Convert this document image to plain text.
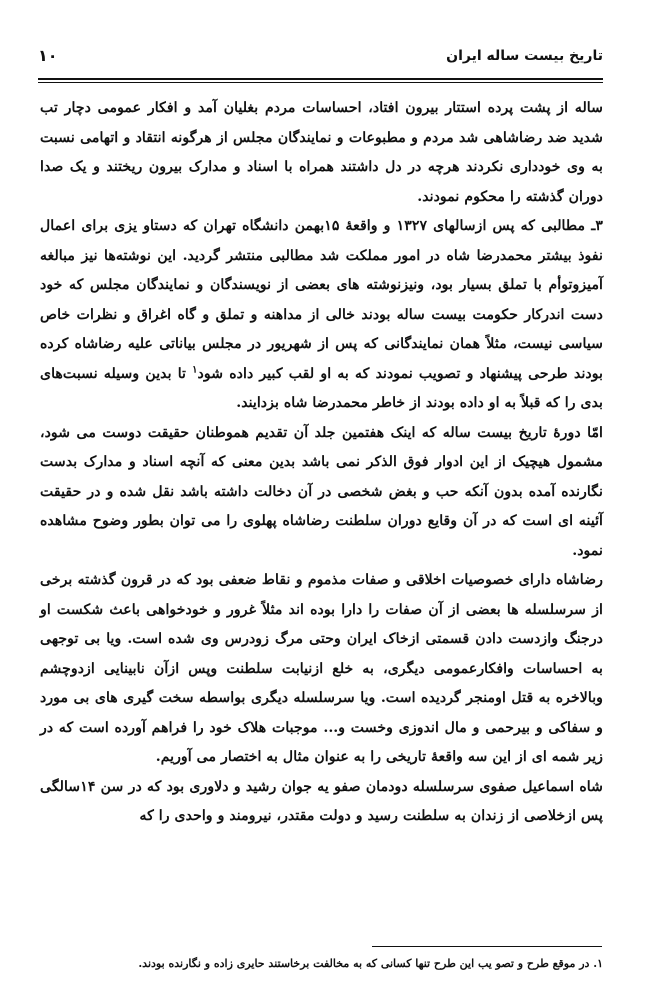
تاریخ بیست ساله ایران
۱۰

ساله از پشت پرده استتار بیرون افتاد، احساسات مردم بغلیان آمد و افکار عمومی دچار تب شدید ضد رضاشاهی شد مردم و مطبوعات و نمایندگان مجلس از هرگونه انتقاد و اتهامی نسبت به وی خودداری نکردند هرچه در دل داشتند همراه با اسناد و مدارک بیرون ریختند و یک صدا دوران گذشته را محکوم نمودند.

۳ـ مطالبی که پس ازسالهای ۱۳۲۷ و واقعهٔ ۱۵بهمن دانشگاه تهران که دستاو یزی برای اعمال نفوذ بیشتر محمدرضا شاه در امور مملکت شد مطالبی منتشر گردید. این نوشته‌ها نیز مبالغه آمیزوتوأم با تملق بسیار بود، ونیزنوشته های بعضی از نویسندگان و نمایندگان مجلس که خود دست اندرکار حکومت بیست ساله بودند خالی از مداهنه و تملق و گاه اغراق و نظرات خاص سیاسی نیست، مثلاً همان نمایندگانی که پس از شهریور در مجلس بیاناتی علیه رضاشاه کرده بودند طرحی پیشنهاد و تصویب نمودند که به او لقب کبیر داده شود$^۱$ تا بدین وسیله نسبت‌های بدی را که قبلاً به او داده بودند از خاطر محمدرضا شاه بزدایند.

امّا دورهٔ تاریخ بیست ساله که اینک هفتمین جلد آن تقدیم هموطنان حقیقت دوست می شود، مشمول هیچیک از این ادوار فوق الذکر نمی باشد بدین معنی که آنچه اسناد و مدارک بدست نگارنده آمده بدون آنکه حب و بغض شخصی در آن دخالت داشته باشد نقل شده و در حقیقت آئینه ای است که در آن وقایع دوران سلطنت رضاشاه پهلوی را می توان بطور وضوح مشاهده نمود.

رضاشاه دارای خصوصیات اخلاقی و صفات مذموم و نقاط ضعفی بود که در قرون گذشته برخی از سرسلسله ها بعضی از آن صفات را دارا بوده اند مثلاً غرور و خودخواهی باعث شکست او درجنگ وازدست دادن قسمتی ازخاک ایران وحتی مرگ زودرس وی شده است. ویا بی توجهی به احساسات وافکارعمومی دیگری، به خلع ازنیابت سلطنت وپس ازآن نابینایی ازدوچشم وبالاخره به قتل اومنجر گردیده است. ویا سرسلسله دیگری بواسطه سخت گیری های بی مورد و سفاکی و بیرحمی و مال اندوزی وخست و... موجبات هلاک خود را فراهم آورده است که در زیر شمه ای از این سه واقعهٔ تاریخی را به عنوان مثال به اختصار می آوریم.

شاه اسماعیل صفوی سرسلسله دودمان صفو یه جوان رشید و دلاوری بود که در سن ۱۴سالگی پس ازخلاصی از زندان به سلطنت رسید و دولت مقتدر، نیرومند و واحدی را که

۱. در موقع طرح و تصو یب این طرح تنها کسانی که به مخالفت برخاستند حایری زاده و نگارنده بودند.
